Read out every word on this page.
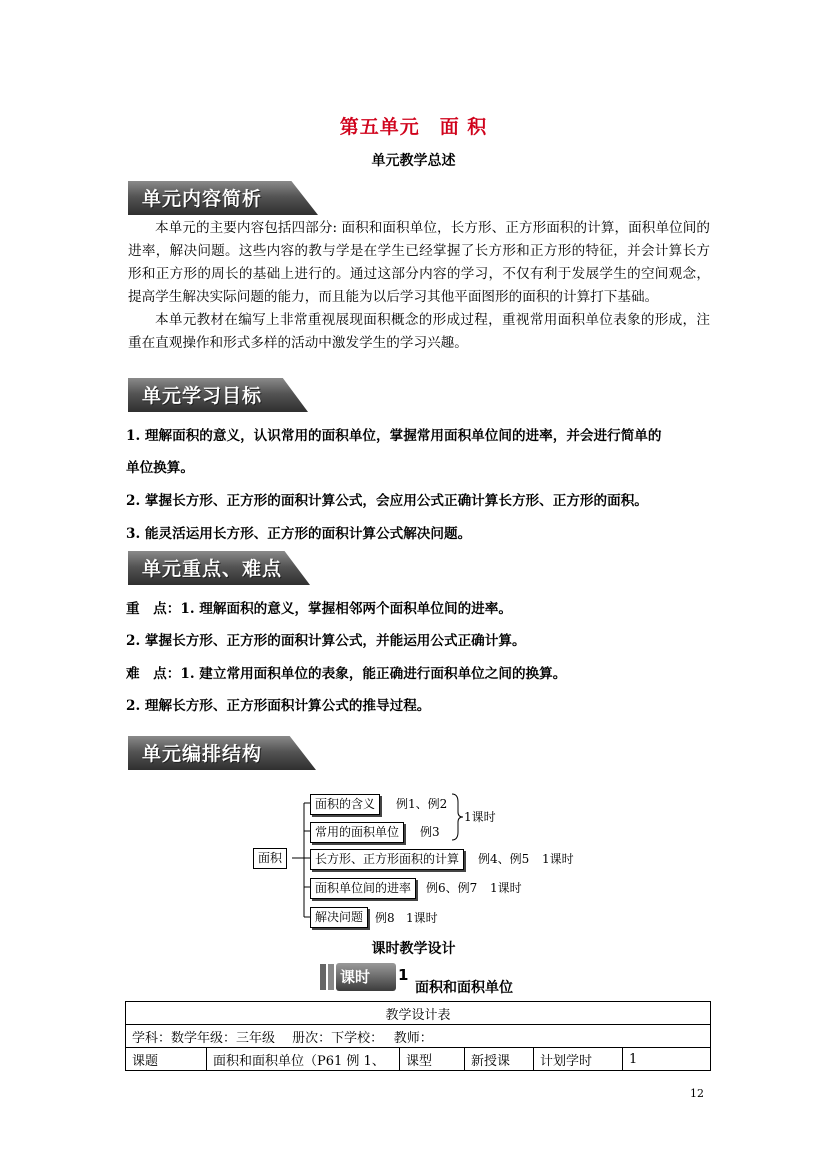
第五单元　面 积
单元教学总述
单元内容简析

本单元的主要内容包括四部分: 面积和面积单位，长方形、正方形面积的计算，面积单位间的进率，解决问题。这些内容的教与学是在学生已经掌握了长方形和正方形的特征，并会计算长方形和正方形的周长的基础上进行的。通过这部分内容的学习，不仅有利于发展学生的空间观念，提高学生解决实际问题的能力，而且能为以后学习其他平面图形的面积的计算打下基础。

本单元教材在编写上非常重视展现面积概念的形成过程，重视常用面积单位表象的形成，注重在直观操作和形式多样的活动中激发学生的学习兴趣。

单元学习目标
1. 理解面积的意义，认识常用的面积单位，掌握常用面积单位间的进率，并会进行简单的
单位换算。
2. 掌握长方形、正方形的面积计算公式，会应用公式正确计算长方形、正方形的面积。
3. 能灵活运用长方形、正方形的面积计算公式解决问题。
单元重点、难点
重　点：1. 理解面积的意义，掌握相邻两个面积单位间的进率。
2. 掌握长方形、正方形的面积计算公式，并能运用公式正确计算。
难　点：1. 建立常用面积单位的表象，能正确进行面积单位之间的换算。
2. 理解长方形、正方形面积计算公式的推导过程。
单元编排结构
面积
面积的含义	例1、例2
常用的面积单位	例3
1课时
长方形、正方形面积的计算	例4、例5 1课时
面积单位间的进率	例6、例7 1课时
解决问题 例8 1课时
课时教学设计
课时 1
面积和面积单位
教学设计表
学科：数学年级：三年级　 册次：下学校：　 教师：
课题	面积和面积单位（P61 例 1、	课型	新授课	计划学时	1
12
